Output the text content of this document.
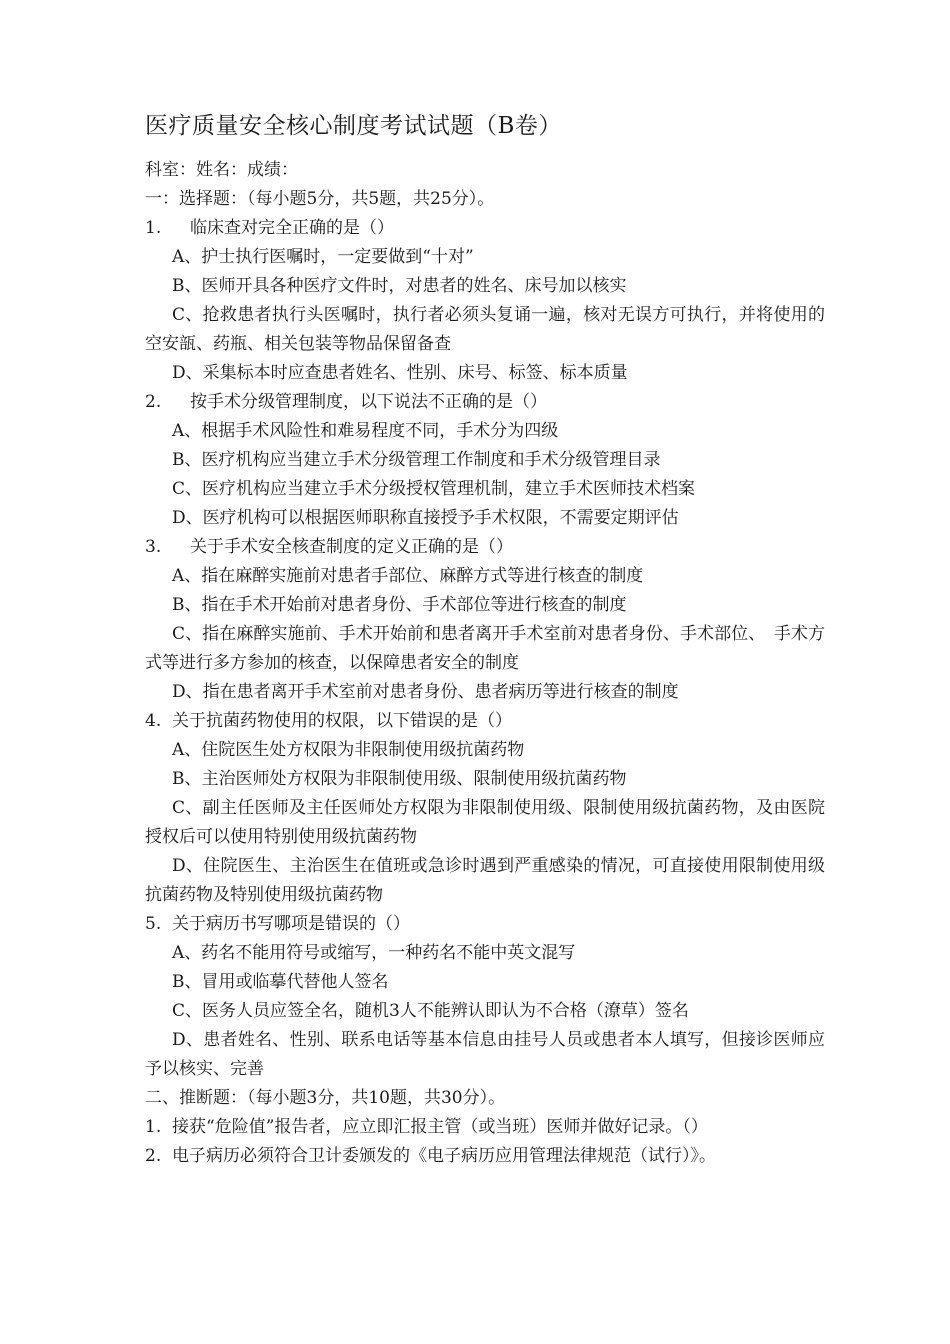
医疗质量安全核心制度考试试题（B卷）
科室：姓名：成绩：
一：选择题：（每小题5分，共5题，共25分）。
1. 临床查对完全正确的是（）
A、护士执行医嘱时，一定要做到“十对”
B、医师开具各种医疗文件时，对患者的姓名、床号加以核实
C、抢救患者执行头医嘱时，执行者必须头复诵一遍，核对无误方可执行，并将使用的空安瓿、药瓶、相关包装等物品保留备查
D、采集标本时应查患者姓名、性别、床号、标签、标本质量
2. 按手术分级管理制度，以下说法不正确的是（）
A、根据手术风险性和难易程度不同，手术分为四级
B、医疗机构应当建立手术分级管理工作制度和手术分级管理目录
C、医疗机构应当建立手术分级授权管理机制，建立手术医师技术档案
D、医疗机构可以根据医师职称直接授予手术权限，不需要定期评估
3. 关于手术安全核查制度的定义正确的是（）
A、指在麻醉实施前对患者手部位、麻醉方式等进行核查的制度
B、指在手术开始前对患者身份、手术部位等进行核查的制度
C、指在麻醉实施前、手术开始前和患者离开手术室前对患者身份、手术部位、　手术方式等进行多方参加的核查，以保障患者安全的制度
D、指在患者离开手术室前对患者身份、患者病历等进行核查的制度
4. 关于抗菌药物使用的权限，以下错误的是（）
A、住院医生处方权限为非限制使用级抗菌药物
B、主治医师处方权限为非限制使用级、限制使用级抗菌药物
C、副主任医师及主任医师处方权限为非限制使用级、限制使用级抗菌药物，及由医院授权后可以使用特别使用级抗菌药物
D、住院医生、主治医生在值班或急诊时遇到严重感染的情况，可直接使用限制使用级抗菌药物及特别使用级抗菌药物
5. 关于病历书写哪项是错误的（）
A、药名不能用符号或缩写，一种药名不能中英文混写
B、冒用或临摹代替他人签名
C、医务人员应签全名，随机3人不能辨认即认为不合格（潦草）签名
D、患者姓名、性别、联系电话等基本信息由挂号人员或患者本人填写，但接诊医师应予以核实、完善
二、推断题：（每小题3分，共10题，共30分）。
1. 接获“危险值”报告者，应立即汇报主管（或当班）医师并做好记录。（）
2. 电子病历必须符合卫计委颁发的《电子病历应用管理法律规范（试行）》。
